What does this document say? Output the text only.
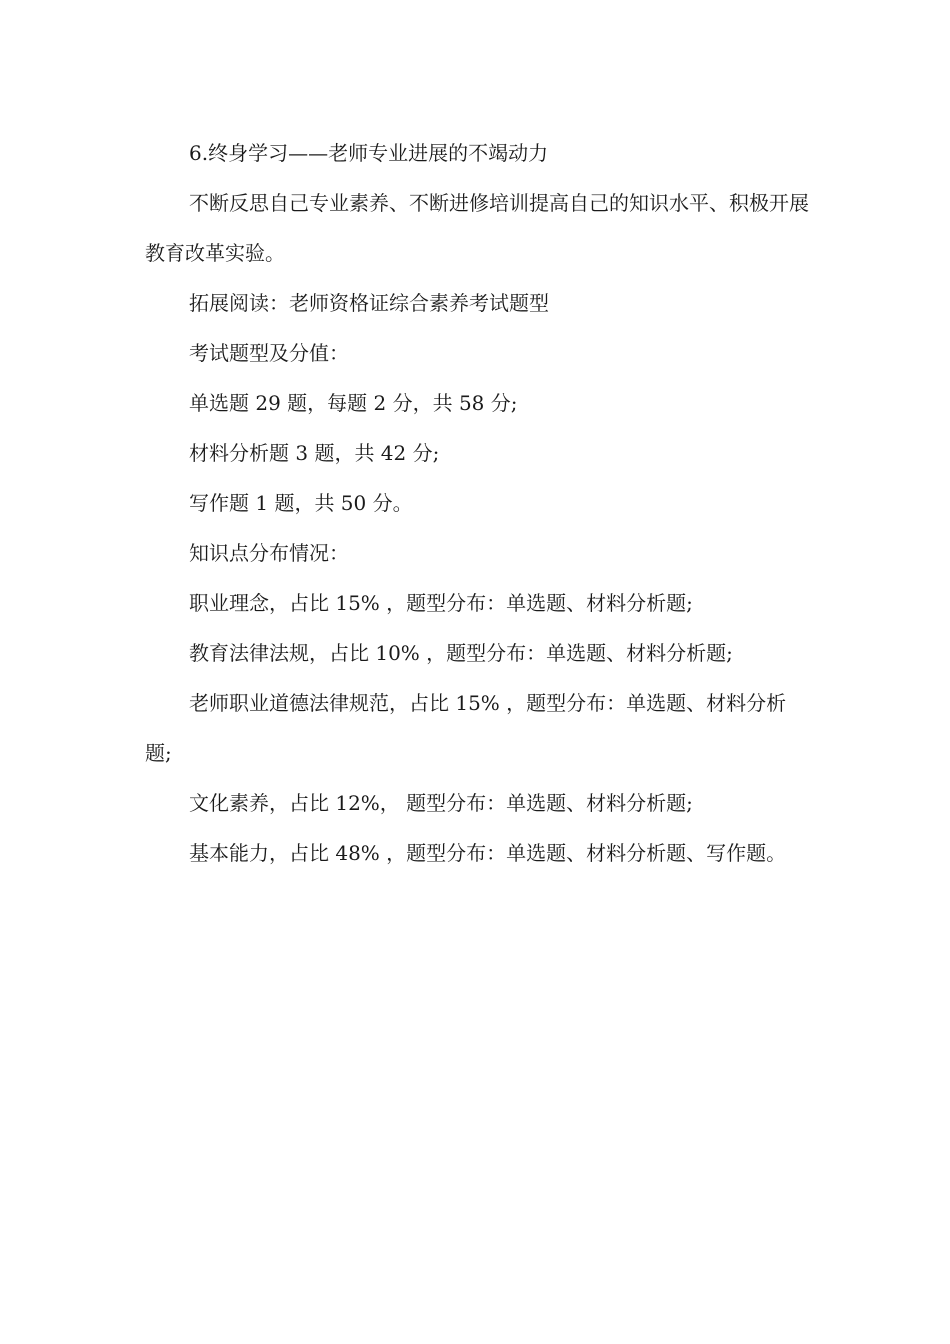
6.终身学习——老师专业进展的不竭动力

不断反思自己专业素养、不断进修培训提高自己的知识水平、积极开展教育改革实验。

拓展阅读：老师资格证综合素养考试题型

考试题型及分值：

单选题 29 题，每题 2 分，共 58 分;

材料分析题 3 题，共 42 分;

写作题 1 题，共 50 分。

知识点分布情况：

职业理念，占比 15% ，题型分布：单选题、材料分析题;

教育法律法规，占比 10% ，题型分布：单选题、材料分析题;

老师职业道德法律规范，占比 15% ，题型分布：单选题、材料分析题;

文化素养，占比 12%， 题型分布：单选题、材料分析题;

基本能力，占比 48% ，题型分布：单选题、材料分析题、写作题。
